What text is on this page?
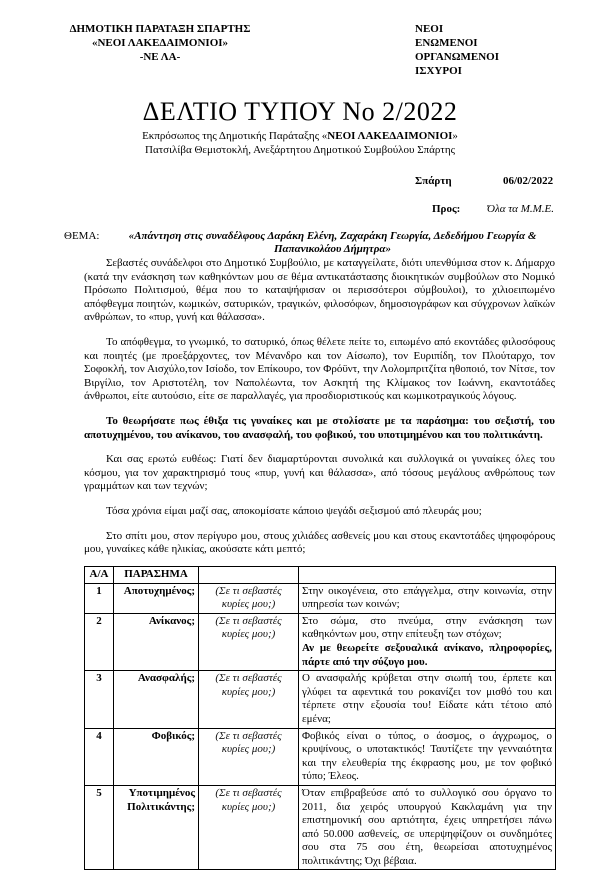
ΔΗΜΟΤΙΚΗ ΠΑΡΑΤΑΞΗ ΣΠΑΡΤΗΣ
«ΝΕΟΙ ΛΑΚΕΔΑΙΜΟΝΙΟΙ»
-ΝΕ ΛΑ-
ΝΕΟΙ
ΕΝΩΜΕΝΟΙ
ΟΡΓΑΝΩΜΕΝΟΙ
ΙΣΧΥΡΟΙ
ΔΕΛΤΙΟ ΤΥΠΟΥ Νο 2/2022
Εκπρόσωπος της Δημοτικής Παράταξης «ΝΕΟΙ ΛΑΚΕΔΑΙΜΟΝΙΟΙ»
Πατσιλίβα Θεμιστοκλή, Ανεξάρτητου Δημοτικού Συμβούλου Σπάρτης
Σπάρτη	06/02/2022
Προς: Όλα τα Μ.Μ.Ε.
ΘΕΜΑ:	«Απάντηση στις συναδέλφους Δαράκη Ελένη, Ζαχαράκη Γεωργία, Δεδεδήμου Γεωργία & Παπανικολάου Δήμητρα»

Σεβαστές συνάδελφοι στο Δημοτικό Συμβούλιο, με καταγγείλατε, διότι υπενθύμισα στον κ. Δήμαρχο (κατά την ενάσκηση των καθηκόντων μου σε θέμα αντικατάστασης διοικητικών συμβούλων στο Νομικό Πρόσωπο Πολιτισμού, θέμα που το καταψήφισαν οι περισσότεροι σύμβουλοι), το χιλιοειπωμένο απόφθεγμα ποιητών, κωμικών, σατυρικών, τραγικών, φιλοσόφων, δημοσιογράφων και σύγχρονων λαϊκών ανθρώπων, το «πυρ, γυνή και θάλασσα».

Το απόφθεγμα, το γνωμικό, το σατυρικό, όπως θέλετε πείτε το, ειπωμένο από εκοντάδες φιλοσόφους και ποιητές (με προεξάρχοντες, τον Μένανδρο και τον Αίσωπο), τον Ευριπίδη, τον Πλούταρχο, τον Σοφοκλή, τον Αισχύλο,τον Ισίοδο, τον Επίκουρο, τον Φρόϋντ, την Λολομπριτζίτα ηθοποιό, τον Νίτσε, τον Βιργίλιο, τον Αριστοτέλη, τον Ναπολέωντα, τον Ασκητή της Κλίμακος τον Ιωάννη, εκαντοτάδες άνθρωποι, είτε αυτούσιο, είτε σε παραλλαγές, για προσδιοριστικούς και κωμικοτραγικούς λόγους.

Το θεωρήσατε πως έθιξα τις γυναίκες και με στολίσατε με τα παράσημα: του σεξιστή, του αποτυχημένου, του ανίκανου, του ανασφαλή, του φοβικού, του υποτιμημένου και του πολιτικάντη.

Και σας ερωτώ ευθέως: Γιατί δεν διαμαρτύρονται συνολικά και συλλογικά οι γυναίκες όλες του κόσμου, για τον χαρακτηρισμό τους «πυρ, γυνή και θάλασσα», από τόσους μεγάλους ανθρώπους των γραμμάτων και των τεχνών;

Τόσα χρόνια είμαι μαζί σας, αποκομίσατε κάποιο ψεγάδι σεξισμού από πλευράς μου;

Στο σπίτι μου, στον περίγυρο μου, στους χιλιάδες ασθενείς μου και στους εκαντοτάδες ψηφοφόρους μου, γυναίκες κάθε ηλικίας, ακούσατε κάτι μεπτό;

Α/Α	ΠΑΡΑΣΗΜΑ		
1	Αποτυχημένος;	(Σε τι σεβαστές κυρίες μου;)	Στην οικογένεια, στο επάγγελμα, στην κοινωνία, στην υπηρεσία των κοινών;
2	Ανίκανος;	(Σε τι σεβαστές κυρίες μου;)	Στο σώμα, στο πνεύμα, στην ενάσκηση των καθηκόντων μου, στην επίτευξη των στόχων;
Αν με θεωρείτε σεξουαλικά ανίκανο, πληροφορίες, πάρτε από την σύζυγο μου.

3	Ανασφαλής;	(Σε τι σεβαστές κυρίες μου;)	Ο ανασφαλής κρύβεται στην σιωπή του, έρπετε και γλύφει τα αφεντικά του ροκανίζει τον μισθό του και τέρπετε στην εξουσία του! Είδατε κάτι τέτοιο από εμένα;
4	Φοβικός;	(Σε τι σεβαστές κυρίες μου;)	Φοβικός είναι ο τύπος, ο άοσμος, ο άγχρωμος, ο κρυψίνους, ο υποτακτικός! Ταυτίζετε την γενναιότητα και την ελευθερία της έκφρασης μου, με τον φοβικό τύπο; Έλεος.
5	Υποτιμημένος Πολιτικάντης;	(Σε τι σεβαστές κυρίες μου;)	Όταν επιβραβεύσε από το συλλογικό σου όργανο το 2011, δια χειρός υπουργού Κακλαμάνη για την επιστημονική σου αρτιότητα, έχεις υπηρετήσει πάνω από 50.000 ασθενείς, σε υπερψηφίζουν οι συνδημότες σου στα 75 σου έτη, θεωρείσαι αποτυχημένος πολιτικάντης; Όχι βέβαια.
